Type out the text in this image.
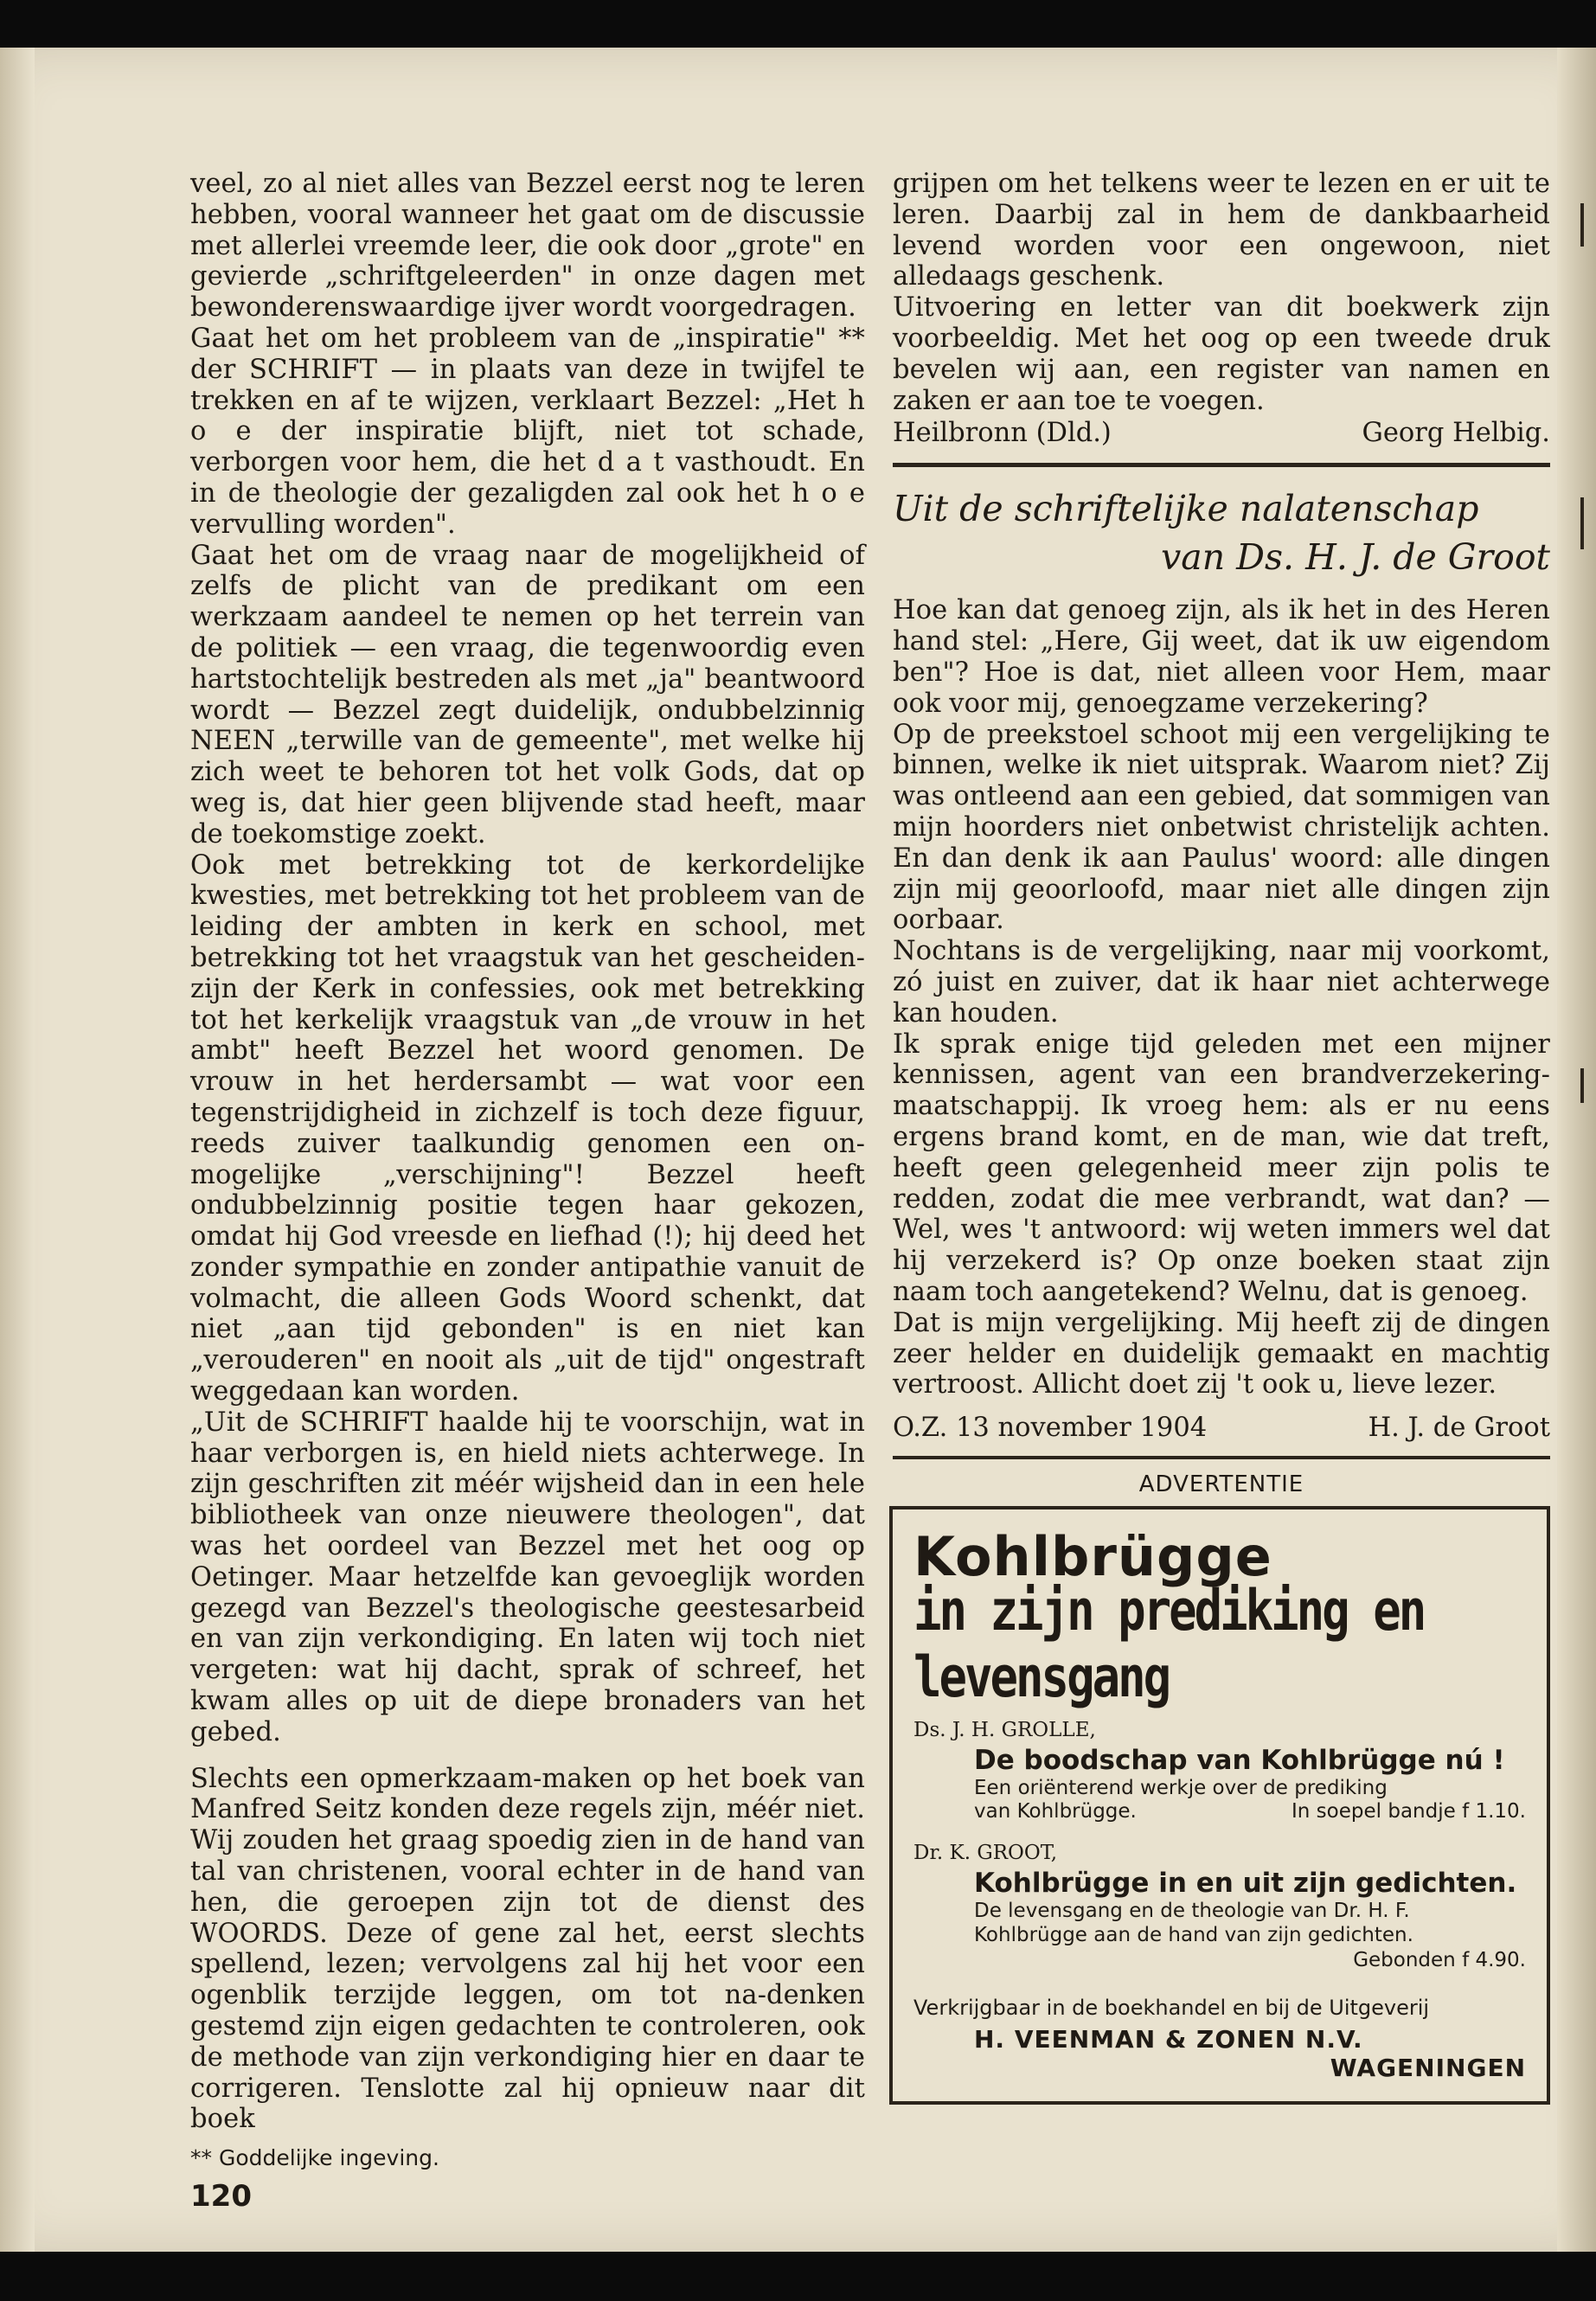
veel, zo al niet alles van Bezzel eerst nog te leren hebben, vooral wanneer het gaat om de discussie met allerlei vreemde leer, die ook door „grote" en gevierde „schriftgeleerden" in onze dagen met bewonderenswaardige ijver wordt voorgedragen.

Gaat het om het probleem van de „inspiratie" ** der SCHRIFT — in plaats van deze in twijfel te trekken en af te wijzen, verklaart Bezzel: „Het h o e der inspiratie blijft, niet tot schade, verborgen voor hem, die het d a t vasthoudt. En in de theologie der gezaligden zal ook het h o e vervulling worden".

Gaat het om de vraag naar de mogelijkheid of zelfs de plicht van de predikant om een werkzaam aandeel te nemen op het terrein van de politiek — een vraag, die tegenwoordig even hartstochtelijk bestreden als met „ja" beantwoord wordt — Bezzel zegt duidelijk, ondubbelzinnig NEEN „terwille van de gemeente", met welke hij zich weet te behoren tot het volk Gods, dat op weg is, dat hier geen blijvende stad heeft, maar de toekomstige zoekt.

Ook met betrekking tot de kerkordelijke kwesties, met betrekking tot het probleem van de leiding der ambten in kerk en school, met betrekking tot het vraagstuk van het gescheiden-zijn der Kerk in confessies, ook met betrekking tot het kerkelijk vraagstuk van „de vrouw in het ambt" heeft Bezzel het woord genomen. De vrouw in het herdersambt — wat voor een tegenstrijdigheid in zichzelf is toch deze figuur, reeds zuiver taalkundig genomen een on-mogelijke „verschijning"! Bezzel heeft ondubbelzinnig positie tegen haar gekozen, omdat hij God vreesde en liefhad (!); hij deed het zonder sympathie en zonder antipathie vanuit de volmacht, die alleen Gods Woord schenkt, dat niet „aan tijd gebonden" is en niet kan „verouderen" en nooit als „uit de tijd" ongestraft weggedaan kan worden.

„Uit de SCHRIFT haalde hij te voorschijn, wat in haar verborgen is, en hield niets achterwege. In zijn geschriften zit méér wijsheid dan in een hele bibliotheek van onze nieuwere theologen", dat was het oordeel van Bezzel met het oog op Oetinger. Maar hetzelfde kan gevoeglijk worden gezegd van Bezzel's theologische geestesarbeid en van zijn verkondiging. En laten wij toch niet vergeten: wat hij dacht, sprak of schreef, het kwam alles op uit de diepe bronaders van het gebed.

Slechts een opmerkzaam-maken op het boek van Manfred Seitz konden deze regels zijn, méér niet. Wij zouden het graag spoedig zien in de hand van tal van christenen, vooral echter in de hand van hen, die geroepen zijn tot de dienst des WOORDS. Deze of gene zal het, eerst slechts spellend, lezen; vervolgens zal hij het voor een ogenblik terzijde leggen, om tot na-denken gestemd zijn eigen gedachten te controleren, ook de methode van zijn verkondiging hier en daar te corrigeren. Tenslotte zal hij opnieuw naar dit boek

** Goddelijke ingeving.
120

grijpen om het telkens weer te lezen en er uit te leren. Daarbij zal in hem de dankbaarheid levend worden voor een ongewoon, niet alledaags geschenk.

Uitvoering en letter van dit boekwerk zijn voorbeeldig. Met het oog op een tweede druk bevelen wij aan, een register van namen en zaken er aan toe te voegen.

Heilbronn (Dld.)	Georg Helbig.
Uit de schriftelijke nalatenschap
van Ds. H. J. de Groot

Hoe kan dat genoeg zijn, als ik het in des Heren hand stel: „Here, Gij weet, dat ik uw eigendom ben"? Hoe is dat, niet alleen voor Hem, maar ook voor mij, genoegzame verzekering?

Op de preekstoel schoot mij een vergelijking te binnen, welke ik niet uitsprak. Waarom niet? Zij was ontleend aan een gebied, dat sommigen van mijn hoorders niet onbetwist christelijk achten. En dan denk ik aan Paulus' woord: alle dingen zijn mij geoorloofd, maar niet alle dingen zijn oorbaar.

Nochtans is de vergelijking, naar mij voorkomt, zó juist en zuiver, dat ik haar niet achterwege kan houden.

Ik sprak enige tijd geleden met een mijner kennissen, agent van een brandverzekering-maatschappij. Ik vroeg hem: als er nu eens ergens brand komt, en de man, wie dat treft, heeft geen gelegenheid meer zijn polis te redden, zodat die mee verbrandt, wat dan? — Wel, wes 't antwoord: wij weten immers wel dat hij verzekerd is? Op onze boeken staat zijn naam toch aangetekend? Welnu, dat is genoeg.

Dat is mijn vergelijking. Mij heeft zij de dingen zeer helder en duidelijk gemaakt en machtig vertroost. Allicht doet zij 't ook u, lieve lezer.

O.Z. 13 november 1904	H. J. de Groot
ADVERTENTIE

Kohlbrügge

in zijn prediking en levensgang

Ds. J. H. GROLLE,
De boodschap van Kohlbrügge nú !
Een oriënterend werkje over de prediking
van Kohlbrügge.	In soepel bandje f 1.10.
Dr. K. GROOT,
Kohlbrügge in en uit zijn gedichten.
De levensgang en de theologie van Dr. H. F.
Kohlbrügge aan de hand van zijn gedichten.
Gebonden f 4.90.
Verkrijgbaar in de boekhandel en bij de Uitgeverij
H. VEENMAN & ZONEN N.V.
WAGENINGEN
